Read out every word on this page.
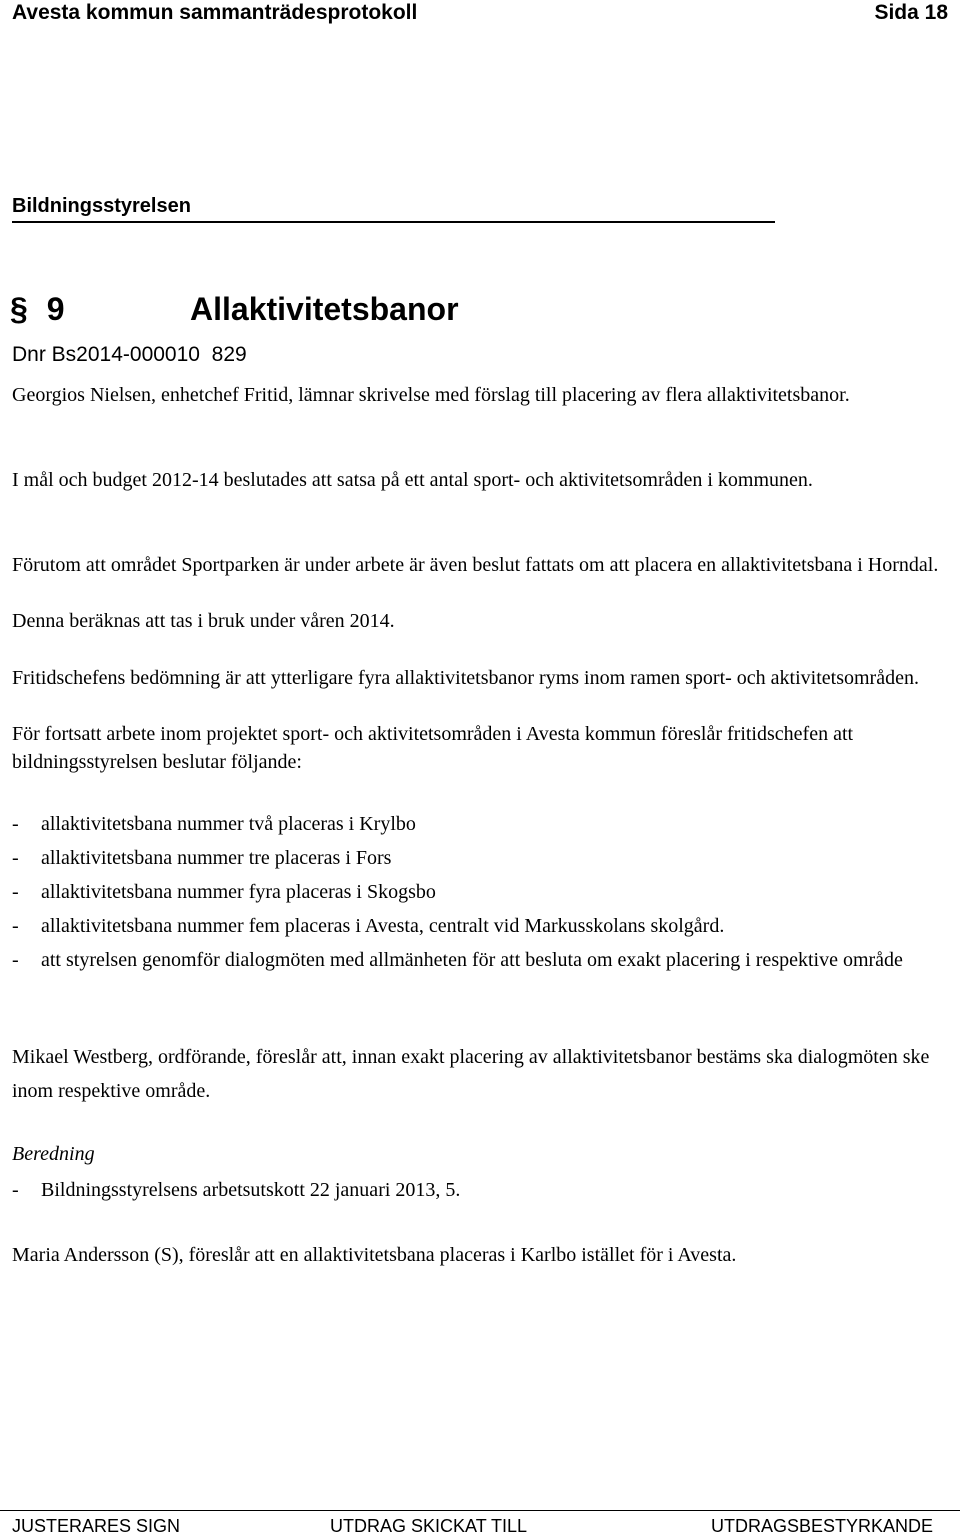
Avesta kommun sammanträdesprotokoll	Sida 18
Bildningsstyrelsen
§ 9	Allaktivitetsbanor
Dnr Bs2014-000010  829
Georgios Nielsen, enhetchef Fritid, lämnar skrivelse med förslag till placering av flera allaktivitetsbanor.
I mål och budget 2012-14 beslutades att satsa på ett antal sport- och aktivitetsområden i kommunen.
Förutom att området Sportparken är under arbete är även beslut fattats om att placera en allaktivitetsbana i Horndal.
Denna beräknas att tas i bruk under våren 2014.
Fritidschefens bedömning är att ytterligare fyra allaktivitetsbanor ryms inom ramen sport- och aktivitetsområden.
För fortsatt arbete inom projektet sport- och aktivitetsområden i Avesta kommun föreslår fritidschefen att bildningsstyrelsen beslutar följande:
- allaktivitetsbana nummer två placeras i Krylbo
- allaktivitetsbana nummer tre placeras i Fors
- allaktivitetsbana nummer fyra placeras i Skogsbo
- allaktivitetsbana nummer fem placeras i Avesta, centralt vid Markusskolans skolgård.
- att styrelsen genomför dialogmöten med allmänheten för att besluta om exakt placering i respektive område
Mikael Westberg, ordförande, föreslår att, innan exakt placering av allaktivitetsbanor bestäms ska dialogmöten ske inom respektive område.
Beredning
- Bildningsstyrelsens arbetsutskott 22 januari 2013, 5.
Maria Andersson (S), föreslår att en allaktivitetsbana placeras i Karlbo istället för i Avesta.
JUSTERARES SIGN	UTDRAG SKICKAT TILL	UTDRAGSBESTYRKANDE
